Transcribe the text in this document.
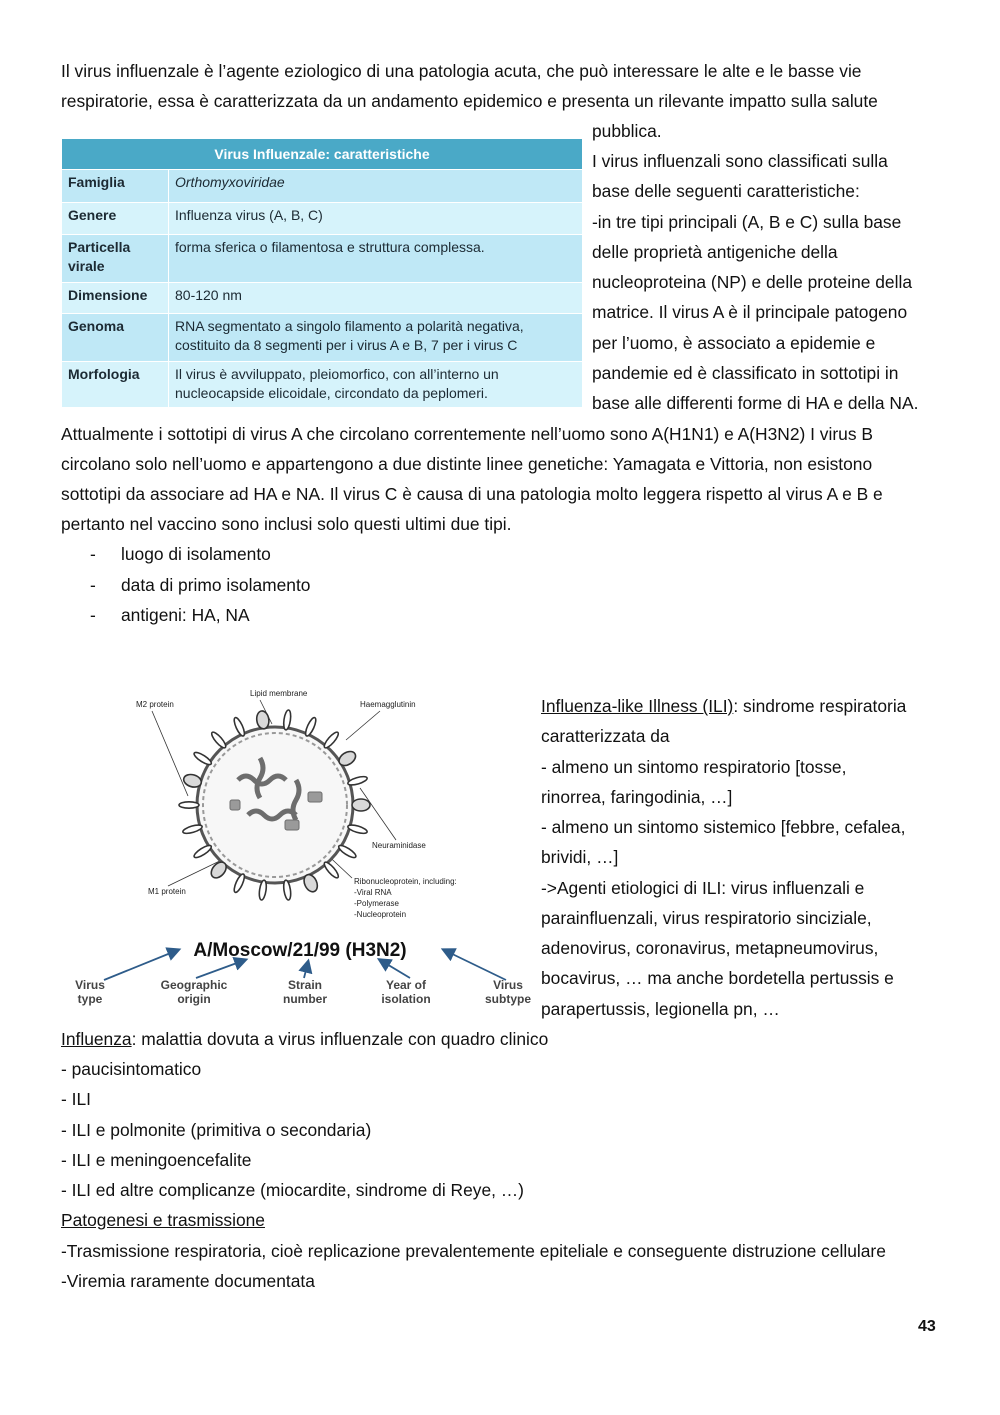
Il virus influenzale è l’agente eziologico di una patologia acuta, che può interessare le alte e le basse vie
respiratorie, essa è caratterizzata da un andamento epidemico e presenta un rilevante impatto sulla salute
pubblica.
Virus Influenzale: caratteristiche	
Famiglia	Orthomyxoviridae
Genere	Influenza virus (A, B, C)
Particella
virale	forma sferica o filamentosa e struttura complessa.
Dimensione	80-120 nm
Genoma	RNA segmentato a singolo filamento a polarità negativa,
costituito da 8 segmenti per i virus A e B, 7 per i virus C
Morfologia	Il virus è avviluppato, pleiomorfico, con all’interno un
nucleocapside elicoidale, circondato da peplomeri.
I virus influenzali sono classificati sulla
base delle seguenti caratteristiche:
-in tre tipi principali (A, B e C) sulla base
delle proprietà antigeniche della
nucleoproteina (NP) e delle proteine della
matrice. Il virus A è il principale patogeno
per l’uomo, è associato a epidemie e
pandemie ed è classificato in sottotipi in
base alle differenti forme di HA e della NA.
Attualmente i sottotipi di virus A che circolano correntemente nell’uomo sono A(H1N1) e A(H3N2) I virus B
circolano solo nell’uomo e appartengono a due distinte linee genetiche: Yamagata e Vittoria, non esistono
sottotipi da associare ad HA e NA. Il virus C è causa di una patologia molto leggera rispetto al virus A e B e
pertanto nel vaccino sono inclusi solo questi ultimi due tipi.
- luogo di isolamento
- data di primo isolamento
- antigeni: HA, NA
Lipid membrane
M2 protein	Haemagglutinin
Neuraminidase
M1 protein
Ribonucleoprotein, including:
-Viral RNA
-Polymerase
-Nucleoprotein
A/Moscow/21/99 (H3N2)
Virus
type
Geographic
origin
Strain
number
Year of
isolation
Virus
subtype
Influenza-like Illness (ILI): sindrome respiratoria
caratterizzata da
- almeno un sintomo respiratorio [tosse,
rinorrea, faringodinia, …]
- almeno un sintomo sistemico [febbre, cefalea,
brividi, …]
->Agenti etiologici di ILI: virus influenzali e
parainfluenzali, virus respiratorio sinciziale,
adenovirus, coronavirus, metapneumovirus,
bocavirus, … ma anche bordetella pertussis e
parapertussis, legionella pn, …
Influenza: malattia dovuta a virus influenzale con quadro clinico
- paucisintomatico
- ILI
- ILI e polmonite (primitiva o secondaria)
- ILI e meningoencefalite
- ILI ed altre complicanze (miocardite, sindrome di Reye, …)
Patogenesi e trasmissione
-Trasmissione respiratoria, cioè replicazione prevalentemente epiteliale e conseguente distruzione cellulare
-Viremia raramente documentata
43
